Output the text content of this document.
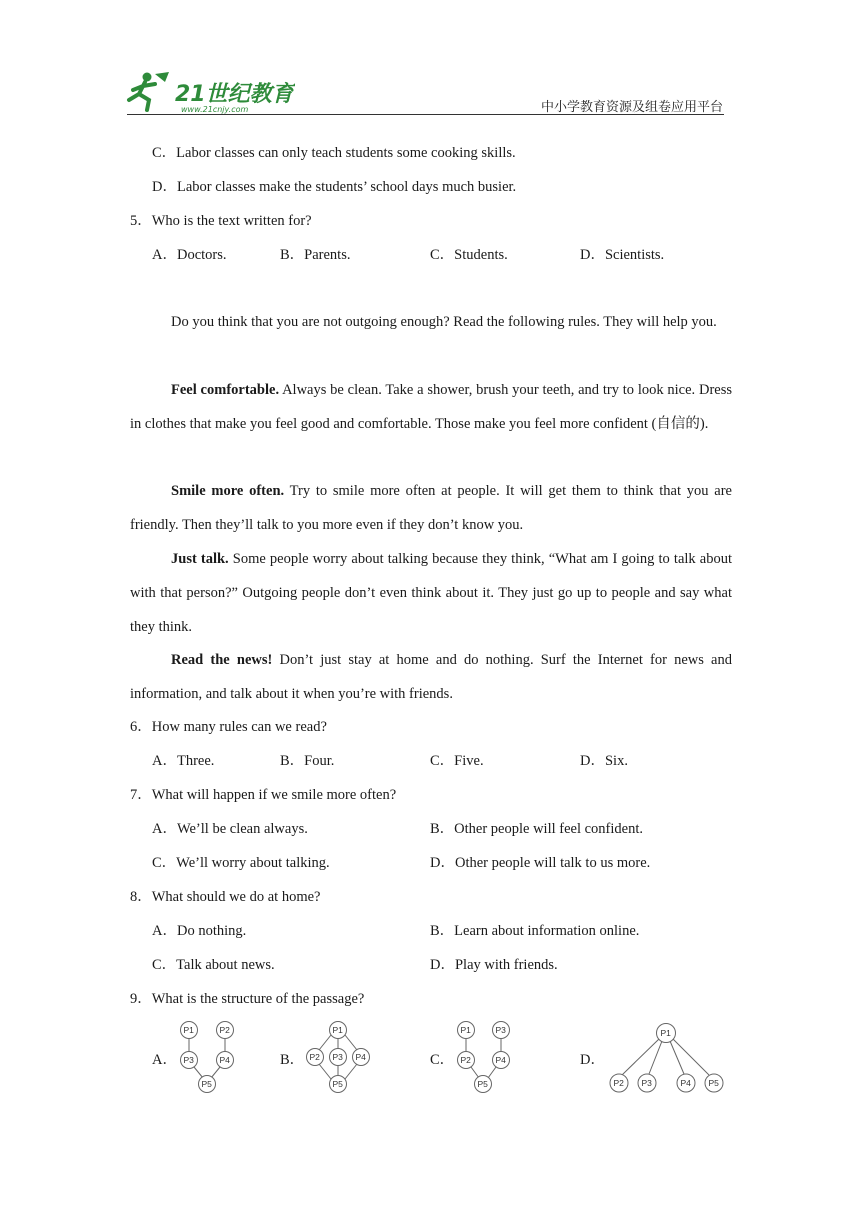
21世纪教育
www.21cnjy.com	中小学教育资源及组卷应用平台
C．Labor classes can only teach students some cooking skills.
D．Labor classes make the students’ school days much busier.
5．Who is the text written for?
A．Doctors.	B．Parents.	C．Students.	D．Scientists.
Do you think that you are not outgoing enough? Read the following rules. They will help you.
Feel comfortable. Always be clean. Take a shower, brush your teeth, and try to look nice. Dress in clothes that make you feel good and comfortable. Those make you feel more confident (自信的).
Smile more often. Try to smile more often at people. It will get them to think that you are friendly. Then they’ll talk to you more even if they don’t know you.
Just talk. Some people worry about talking because they think, “What am I going to talk about with that person?” Outgoing people don’t even think about it. They just go up to people and say what they think.
Read the news! Don’t just stay at home and do nothing. Surf the Internet for news and information, and talk about it when you’re with friends.
6．How many rules can we read?
A．Three.	B．Four.	C．Five.	D．Six.
7．What will happen if we smile more often?
A．We’ll be clean always.	B．Other people will feel confident.
C．We’ll worry about talking.	D．Other people will talk to us more.
8．What should we do at home?
A．Do nothing.	B．Learn about information online.
C．Talk about news.	D．Play with friends.
9．What is the structure of the passage?
A．	B．	C．	D．
P1	P2
P3	P4
P5
P1
P2 P3 P4
P5
P1	P3
P2	P4
P5
P1
P2 P3	P4 P5
